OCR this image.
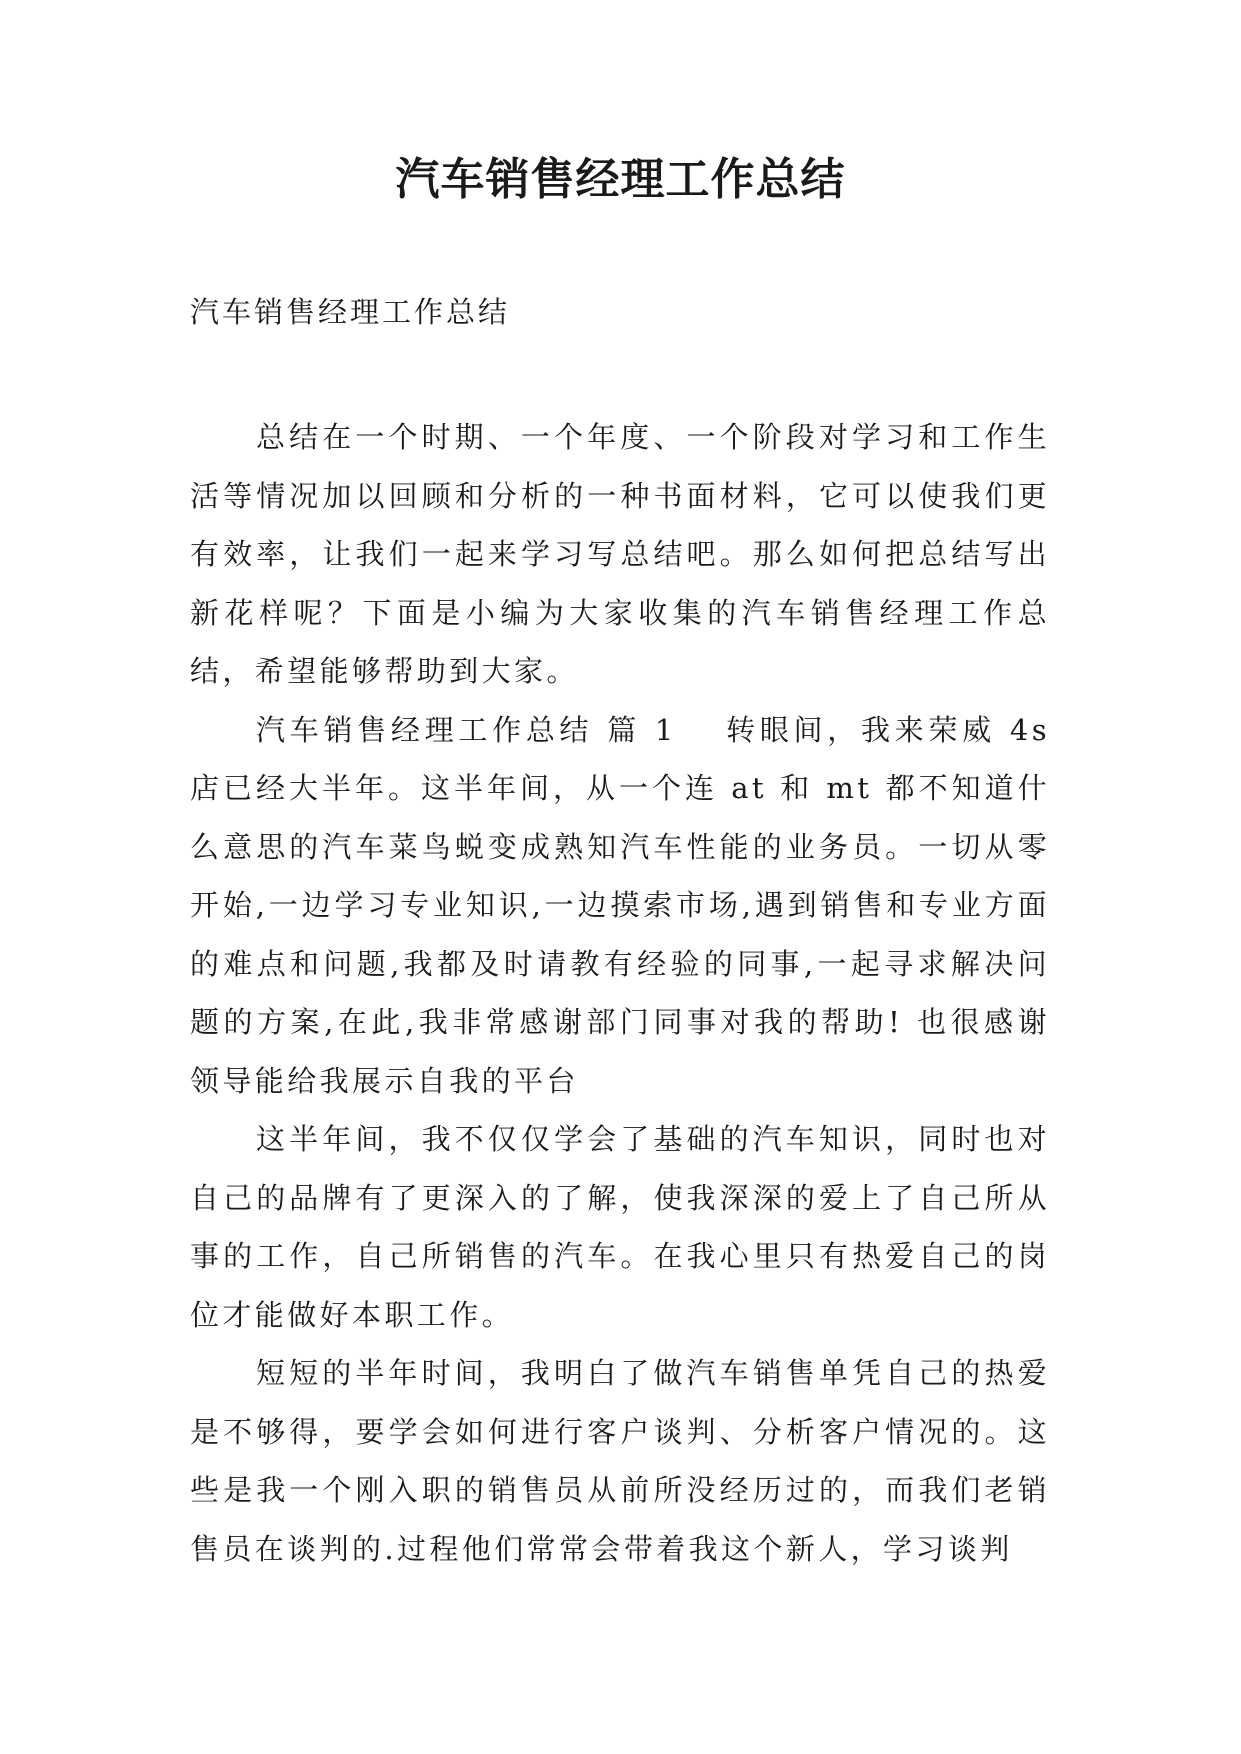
汽车销售经理工作总结

汽车销售经理工作总结

总结在一个时期、一个年度、一个阶段对学习和工作生活等情况加以回顾和分析的一种书面材料，它可以使我们更有效率，让我们一起来学习写总结吧。那么如何把总结写出新花样呢？下面是小编为大家收集的汽车销售经理工作总结，希望能够帮助到大家。

汽车销售经理工作总结 篇 1 转眼间，我来荣威 4s 店已经大半年。这半年间，从一个连 at 和 mt 都不知道什么意思的汽车菜鸟蜕变成熟知汽车性能的业务员。一切从零开始,一边学习专业知识,一边摸索市场,遇到销售和专业方面的难点和问题,我都及时请教有经验的同事,一起寻求解决问题的方案,在此,我非常感谢部门同事对我的帮助! 也很感谢领导能给我展示自我的平台

这半年间，我不仅仅学会了基础的汽车知识，同时也对自己的品牌有了更深入的了解，使我深深的爱上了自己所从事的工作，自己所销售的汽车。在我心里只有热爱自己的岗位才能做好本职工作。

短短的半年时间，我明白了做汽车销售单凭自己的热爱是不够得，要学会如何进行客户谈判、分析客户情况的。这些是我一个刚入职的销售员从前所没经历过的，而我们老销售员在谈判的.过程他们常常会带着我这个新人，学习谈判
